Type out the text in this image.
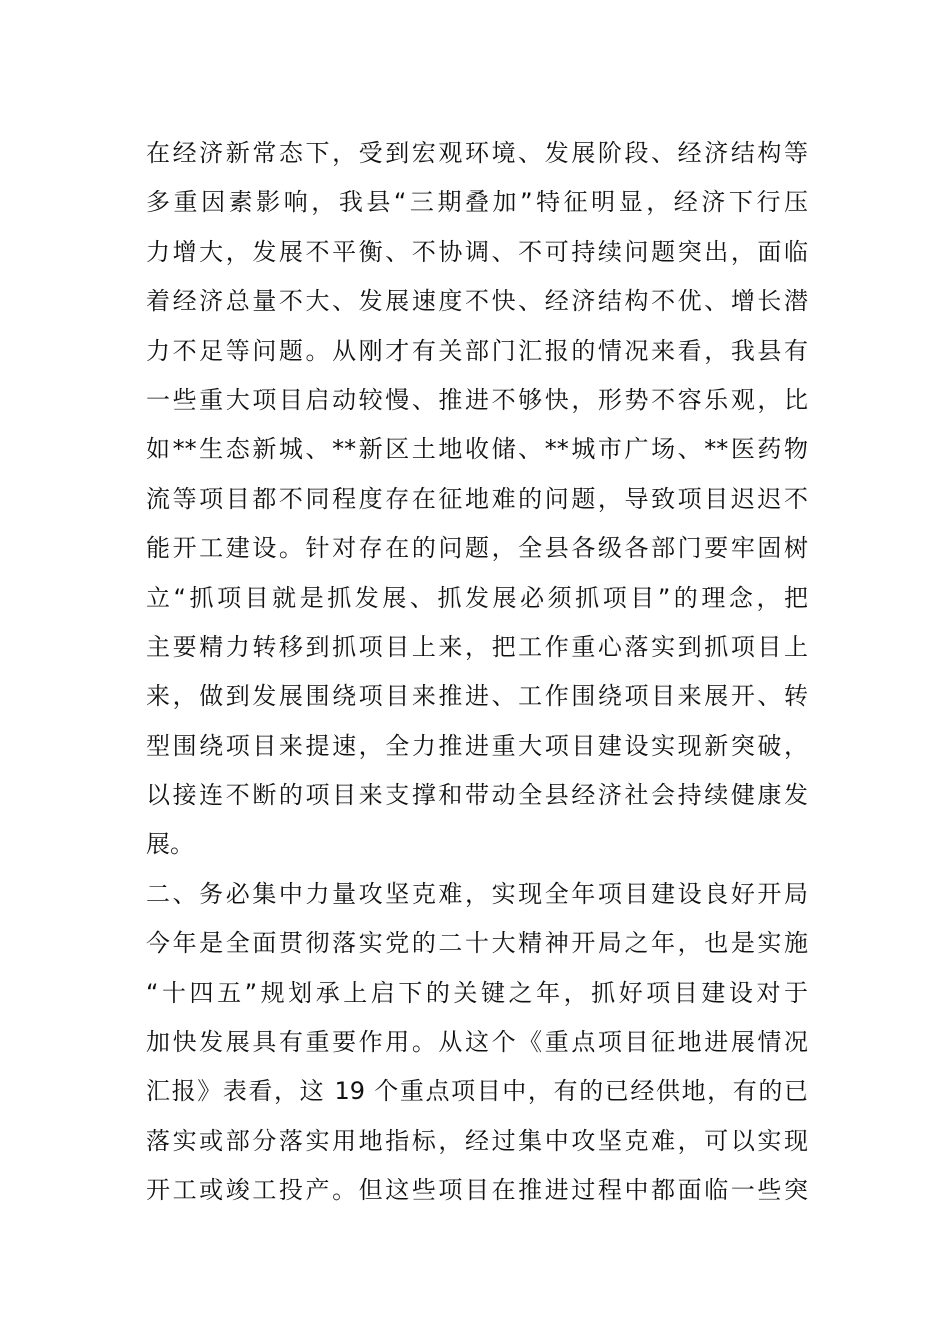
在经济新常态下，受到宏观环境、发展阶段、经济结构等
多重因素影响，我县“三期叠加”特征明显，经济下行压
力增大，发展不平衡、不协调、不可持续问题突出，面临
着经济总量不大、发展速度不快、经济结构不优、增长潜
力不足等问题。从刚才有关部门汇报的情况来看，我县有
一些重大项目启动较慢、推进不够快，形势不容乐观，比
如**生态新城、**新区土地收储、**城市广场、**医药物
流等项目都不同程度存在征地难的问题，导致项目迟迟不
能开工建设。针对存在的问题，全县各级各部门要牢固树
立“抓项目就是抓发展、抓发展必须抓项目”的理念，把
主要精力转移到抓项目上来，把工作重心落实到抓项目上
来，做到发展围绕项目来推进、工作围绕项目来展开、转
型围绕项目来提速，全力推进重大项目建设实现新突破，
以接连不断的项目来支撑和带动全县经济社会持续健康发
展。
二、务必集中力量攻坚克难，实现全年项目建设良好开局
今年是全面贯彻落实党的二十大精神开局之年，也是实施
“十四五”规划承上启下的关键之年，抓好项目建设对于
加快发展具有重要作用。从这个《重点项目征地进展情况
汇报》表看，这 19 个重点项目中，有的已经供地，有的已
落实或部分落实用地指标，经过集中攻坚克难，可以实现
开工或竣工投产。但这些项目在推进过程中都面临一些突
